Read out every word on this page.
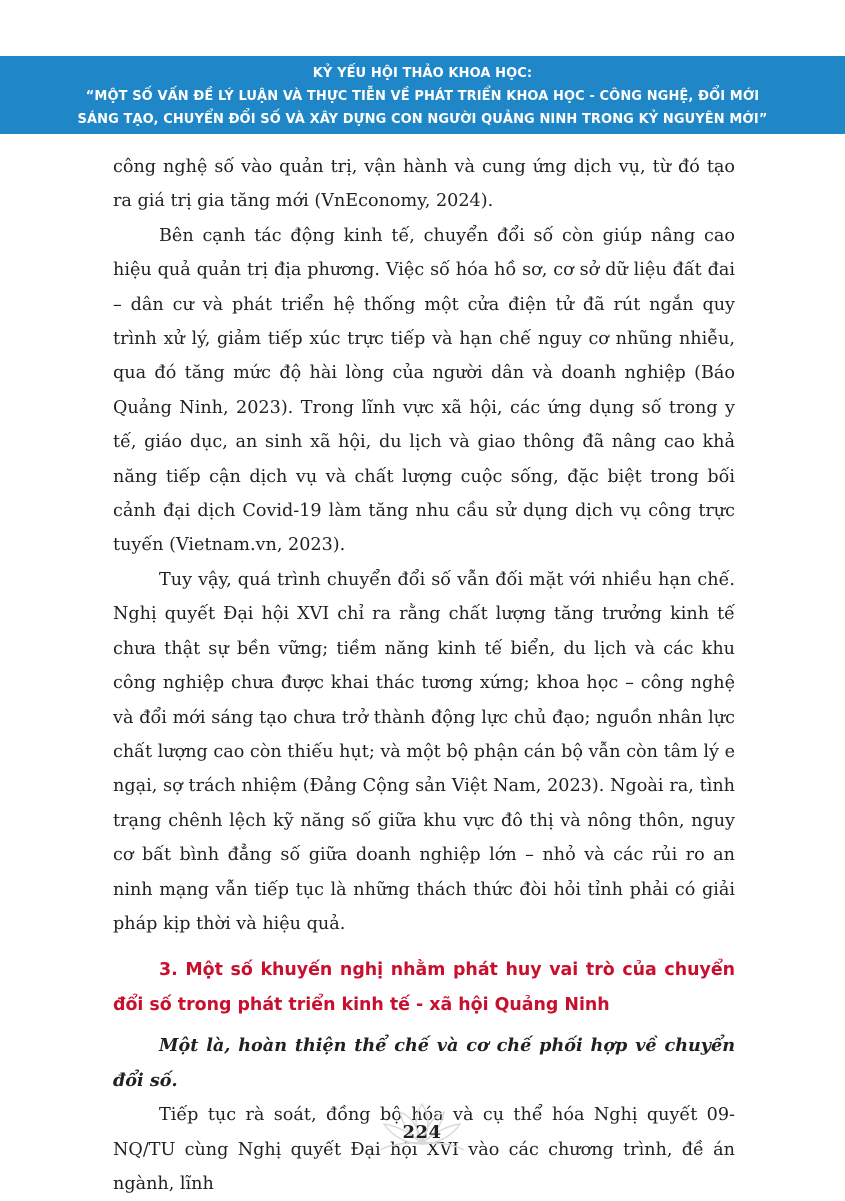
KỶ YẾU HỘI THẢO KHOA HỌC:
“MỘT SỐ VẤN ĐỀ LÝ LUẬN VÀ THỰC TIỄN VỀ PHÁT TRIỂN KHOA HỌC - CÔNG NGHỆ, ĐỔI MỚI
SÁNG TẠO, CHUYỂN ĐỔI SỐ VÀ XÂY DỰNG CON NGƯỜI QUẢNG NINH TRONG KỶ NGUYÊN MỚI”

công nghệ số vào quản trị, vận hành và cung ứng dịch vụ, từ đó tạo ra giá trị gia tăng mới (VnEconomy, 2024).

Bên cạnh tác động kinh tế, chuyển đổi số còn giúp nâng cao hiệu quả quản trị địa phương. Việc số hóa hồ sơ, cơ sở dữ liệu đất đai – dân cư và phát triển hệ thống một cửa điện tử đã rút ngắn quy trình xử lý, giảm tiếp xúc trực tiếp và hạn chế nguy cơ nhũng nhiễu, qua đó tăng mức độ hài lòng của người dân và doanh nghiệp (Báo Quảng Ninh, 2023). Trong lĩnh vực xã hội, các ứng dụng số trong y tế, giáo dục, an sinh xã hội, du lịch và giao thông đã nâng cao khả năng tiếp cận dịch vụ và chất lượng cuộc sống, đặc biệt trong bối cảnh đại dịch Covid-19 làm tăng nhu cầu sử dụng dịch vụ công trực tuyến (Vietnam.vn, 2023).

Tuy vậy, quá trình chuyển đổi số vẫn đối mặt với nhiều hạn chế. Nghị quyết Đại hội XVI chỉ ra rằng chất lượng tăng trưởng kinh tế chưa thật sự bền vững; tiềm năng kinh tế biển, du lịch và các khu công nghiệp chưa được khai thác tương xứng; khoa học – công nghệ và đổi mới sáng tạo chưa trở thành động lực chủ đạo; nguồn nhân lực chất lượng cao còn thiếu hụt; và một bộ phận cán bộ vẫn còn tâm lý e ngại, sợ trách nhiệm (Đảng Cộng sản Việt Nam, 2023). Ngoài ra, tình trạng chênh lệch kỹ năng số giữa khu vực đô thị và nông thôn, nguy cơ bất bình đẳng số giữa doanh nghiệp lớn – nhỏ và các rủi ro an ninh mạng vẫn tiếp tục là những thách thức đòi hỏi tỉnh phải có giải pháp kịp thời và hiệu quả.

3. Một số khuyến nghị nhằm phát huy vai trò của chuyển đổi số trong phát triển kinh tế - xã hội Quảng Ninh

Một là, hoàn thiện thể chế và cơ chế phối hợp về chuyển đổi số.

Tiếp tục rà soát, đồng bộ hóa và cụ thể hóa Nghị quyết 09-NQ/TU cùng Nghị quyết Đại hội XVI vào các chương trình, đề án ngành, lĩnh

224
